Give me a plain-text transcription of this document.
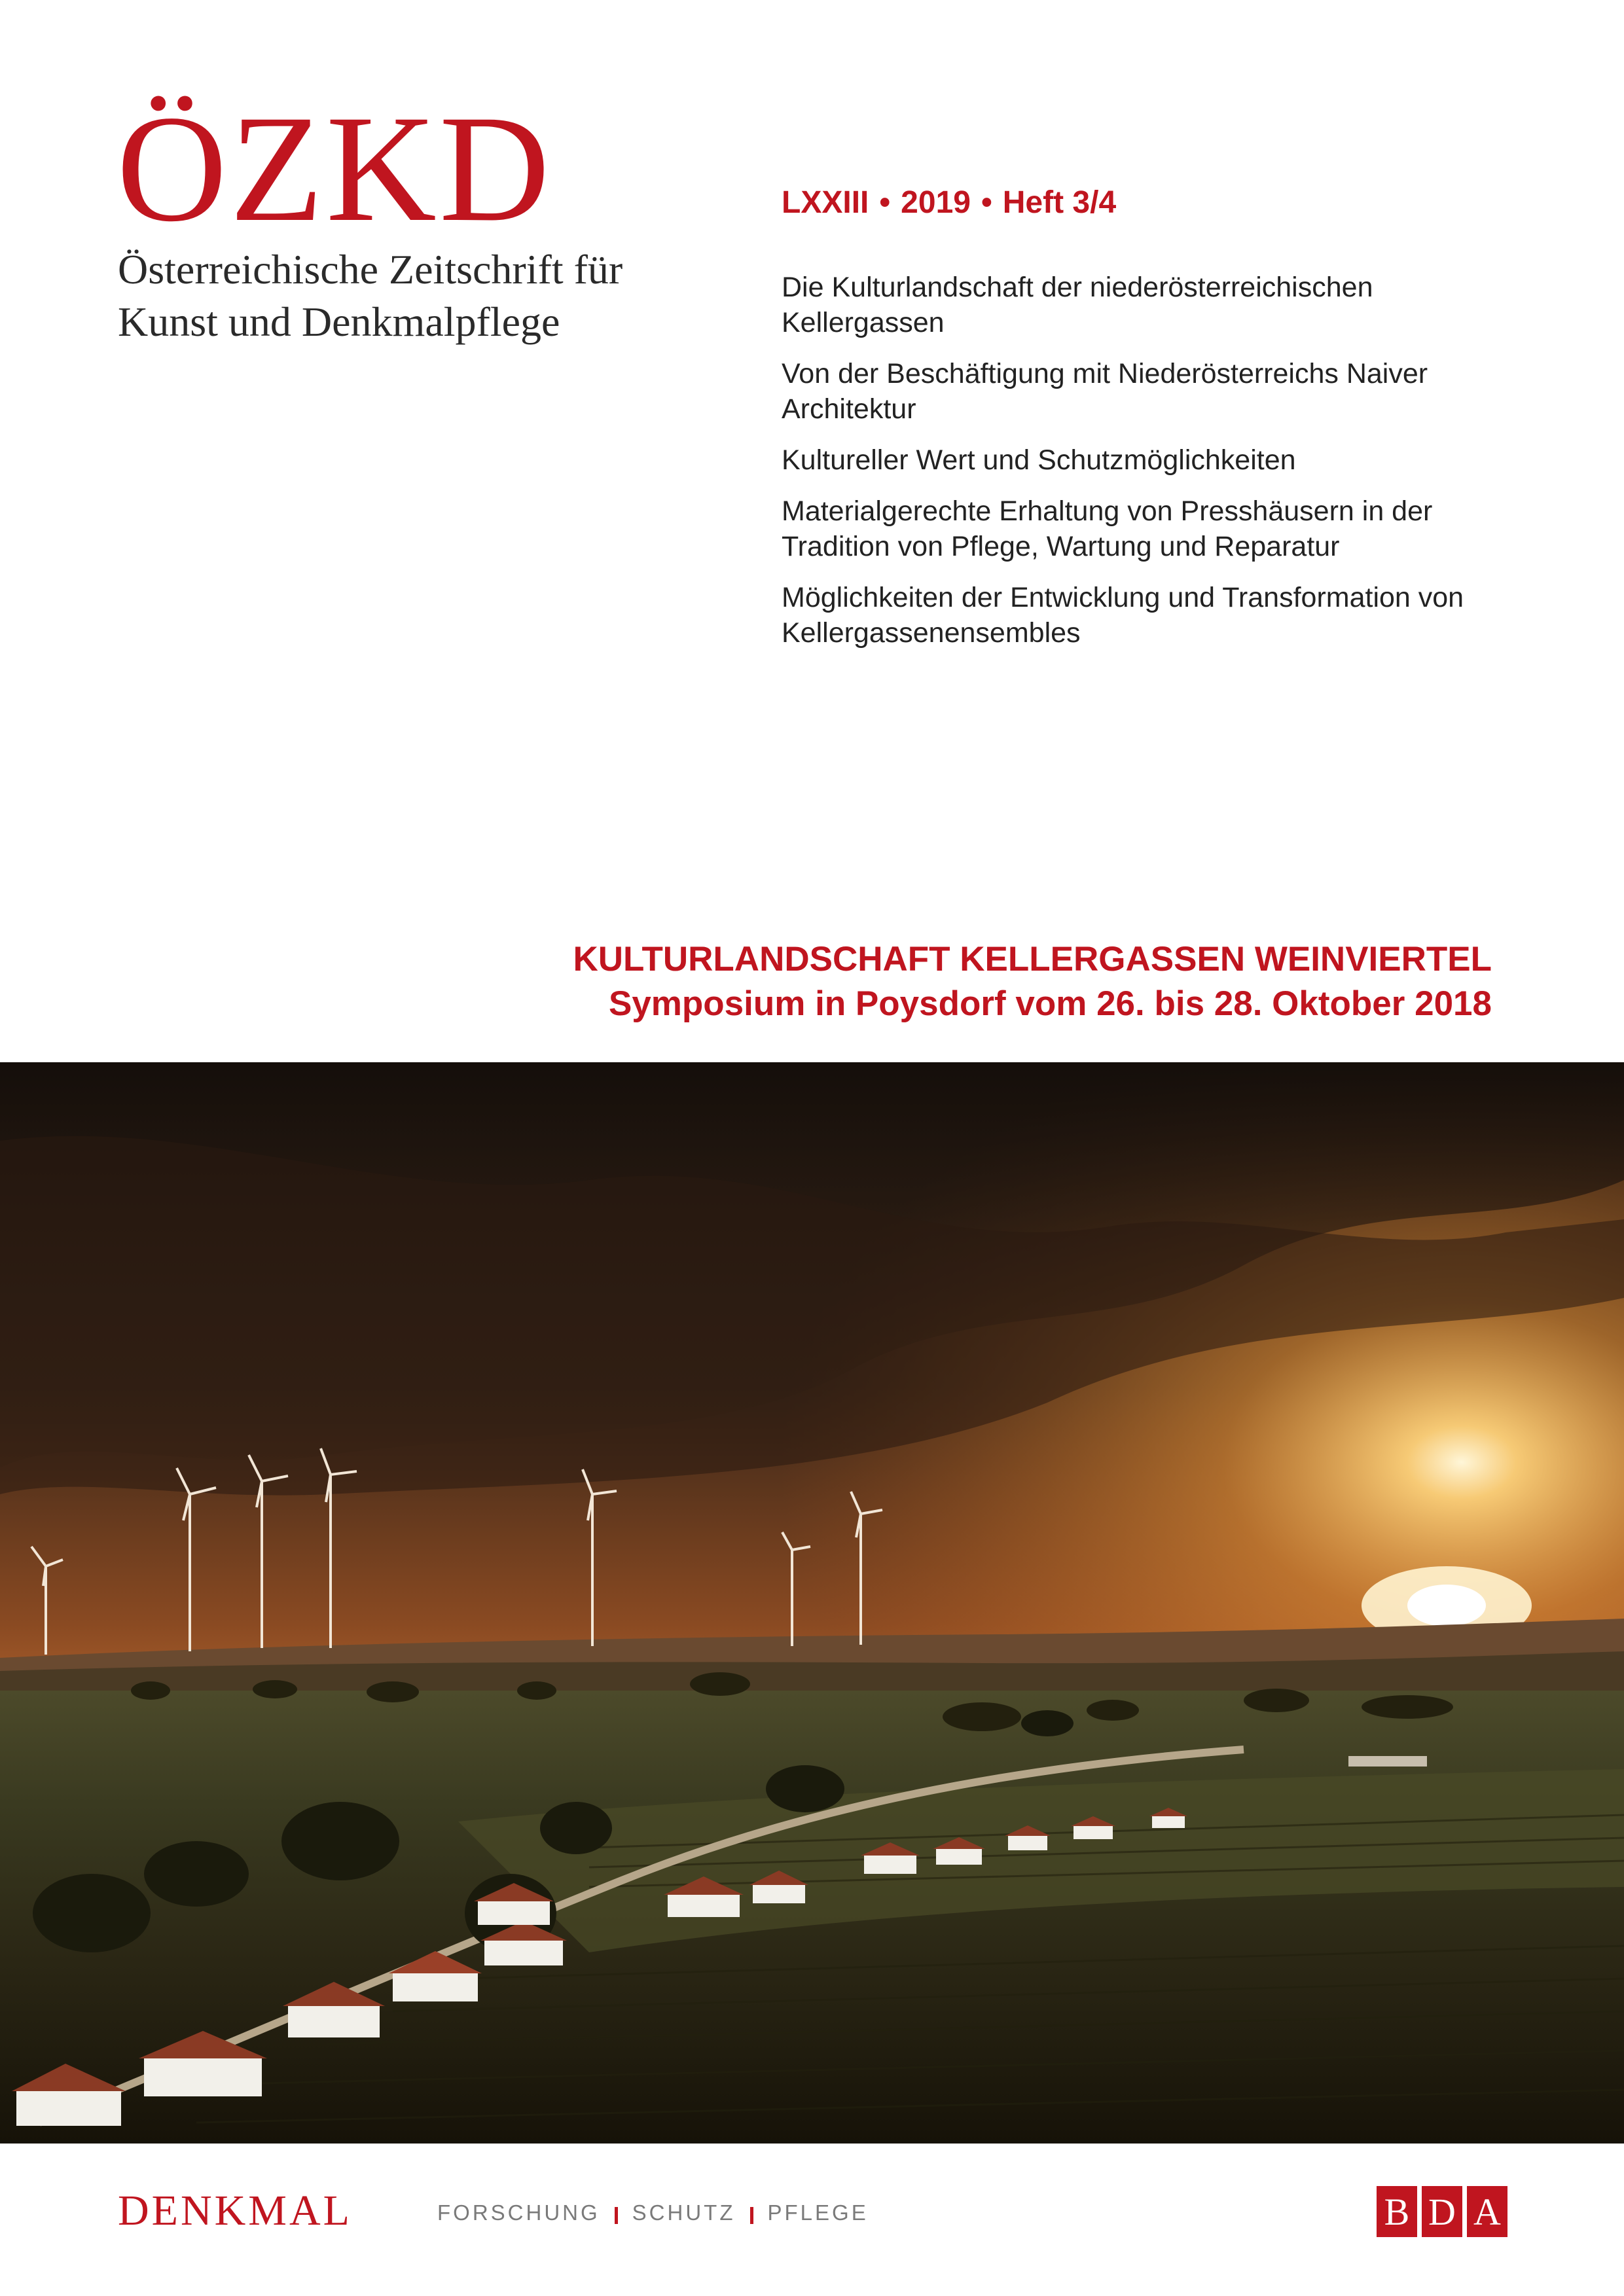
ÖZKD
Österreichische Zeitschrift für
Kunst und Denkmalpflege
LXXIII • 2019 • Heft 3/4
Die Kulturlandschaft der niederösterreichischen Kellergassen
Von der Beschäftigung mit Niederösterreichs Naiver Architektur
Kultureller Wert und Schutzmöglichkeiten
Materialgerechte Erhaltung von Presshäusern in der Tradition von Pflege, Wartung und Reparatur
Möglichkeiten der Entwicklung und Transformation von Kellergassenensembles
KULTURLANDSCHAFT KELLERGASSEN WEINVIERTEL
Symposium in Poysdorf vom 26. bis 28. Oktober 2018
DENKMAL	FORSCHUNG SCHUTZ PFLEGE	B D A
